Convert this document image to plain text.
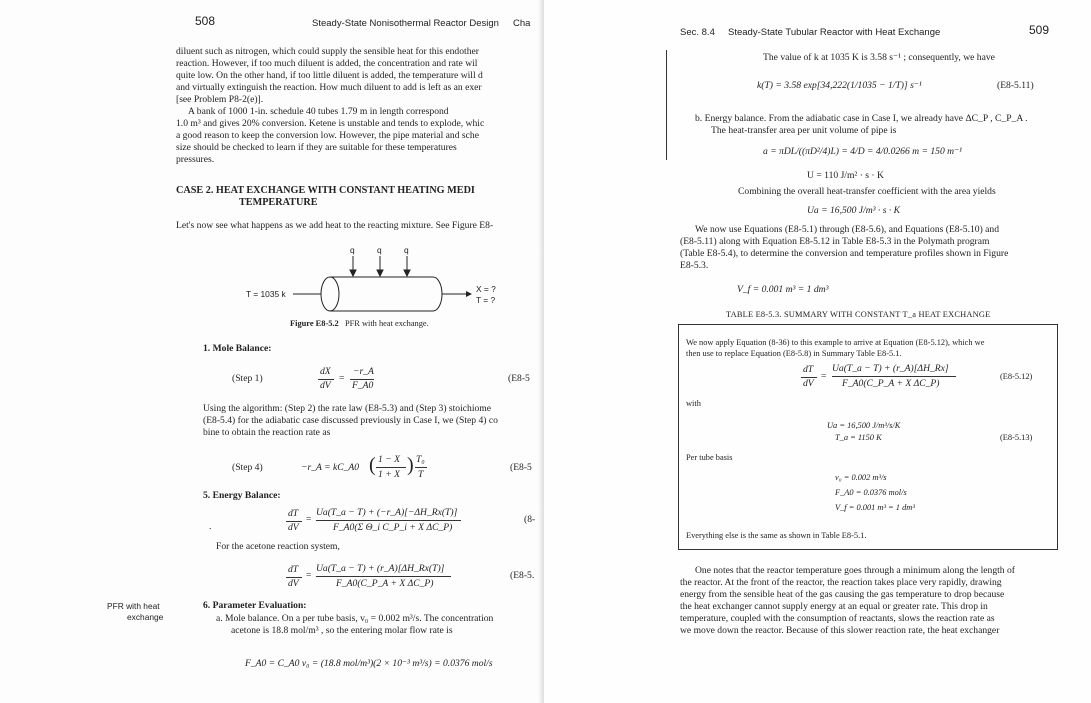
508	Steady-State Nonisothermal Reactor Design Cha
diluent such as nitrogen, which could supply the sensible heat for this endother
reaction. However, if too much diluent is added, the concentration and rate wil
quite low. On the other hand, if too little diluent is added, the temperature will d
and virtually extinguish the reaction. How much diluent to add is left as an exer
[see Problem P8-2(e)].
A bank of 1000 1-in. schedule 40 tubes 1.79 m in length correspond
1.0 m³ and gives 20% conversion. Ketene is unstable and tends to explode, whic
a good reason to keep the conversion low. However, the pipe material and sche
size should be checked to learn if they are suitable for these temperatures
pressures.
CASE 2. HEAT EXCHANGE WITH CONSTANT HEATING MEDI
TEMPERATURE
Let's now see what happens as we add heat to the reacting mixture. See Figure E8-
q	q	q
T = 1035 k	X = ?
T = ?
Figure E8-5.2 PFR with heat exchange.
1. Mole Balance:
(Step 1)
dX
dV
=
−r_A
F_A0
(E8-5
Using the algorithm: (Step 2) the rate law (E8-5.3) and (Step 3) stoichiome
(E8-5.4) for the adiabatic case discussed previously in Case I, we (Step 4) co
bine to obtain the reaction rate as
(Step 4)	−r_A = kC_A0 ( 1 − X
1 + X ) T₀
T
(E8-5
5. Energy Balance:
dT
dV
=
Ua(T_a − T) + (−r_A)[−ΔH_Rx(T)]
F_A0(Σ Θ_i C_P_i + X ΔC_P)
(8-
.
For the acetone reaction system,
dT
dV
=
Ua(T_a − T) + (r_A)[ΔH_Rx(T)]
F_A0(C_P_A + X ΔC_P)
(E8-5.
PFR with heat
exchange
6. Parameter Evaluation:
a. Mole balance. On a per tube basis, v₀ = 0.002 m³/s. The concentration
acetone is 18.8 mol/m³ , so the entering molar flow rate is
F_A0 = C_A0 v₀ = (18.8 mol/m³)(2 × 10⁻³ m³/s) = 0.0376 mol/s
Sec. 8.4 Steady-State Tubular Reactor with Heat Exchange	509
The value of k at 1035 K is 3.58 s⁻¹ ; consequently, we have
k(T) = 3.58 exp[34,222(1/1035 − 1/T)] s⁻¹	(E8-5.11)
b. Energy balance. From the adiabatic case in Case I, we already have ΔC_P , C_P_A .
The heat-transfer area per unit volume of pipe is
a = πDL/((πD²/4)L) = 4/D = 4/0.0266 m = 150 m⁻¹
U = 110 J/m² · s · K
Combining the overall heat-transfer coefficient with the area yields
Ua = 16,500 J/m³ · s · K
We now use Equations (E8-5.1) through (E8-5.6), and Equations (E8-5.10) and
(E8-5.11) along with Equation E8-5.12 in Table E8-5.3 in the Polymath program
(Table E8-5.4), to determine the conversion and temperature profiles shown in Figure
E8-5.3.
V_f = 0.001 m³ = 1 dm³
TABLE E8-5.3. SUMMARY WITH CONSTANT T_a HEAT EXCHANGE
We now apply Equation (8-36) to this example to arrive at Equation (E8-5.12), which we
then use to replace Equation (E8-5.8) in Summary Table E8-5.1.
dT
dV
=
Ua(T_a − T) + (r_A)[ΔH_Rx]
F_A0(C_P_A + X ΔC_P)
(E8-5.12)
with
Ua = 16,500 J/m³/s/K
T_a = 1150 K	(E8-5.13)
Per tube basis
v₀ = 0.002 m³/s
F_A0 = 0.0376 mol/s
V_f = 0.001 m³ = 1 dm³
Everything else is the same as shown in Table E8-5.1.
One notes that the reactor temperature goes through a minimum along the length of
the reactor. At the front of the reactor, the reaction takes place very rapidly, drawing
energy from the sensible heat of the gas causing the gas temperature to drop because
the heat exchanger cannot supply energy at an equal or greater rate. This drop in
temperature, coupled with the consumption of reactants, slows the reaction rate as
we move down the reactor. Because of this slower reaction rate, the heat exchanger
